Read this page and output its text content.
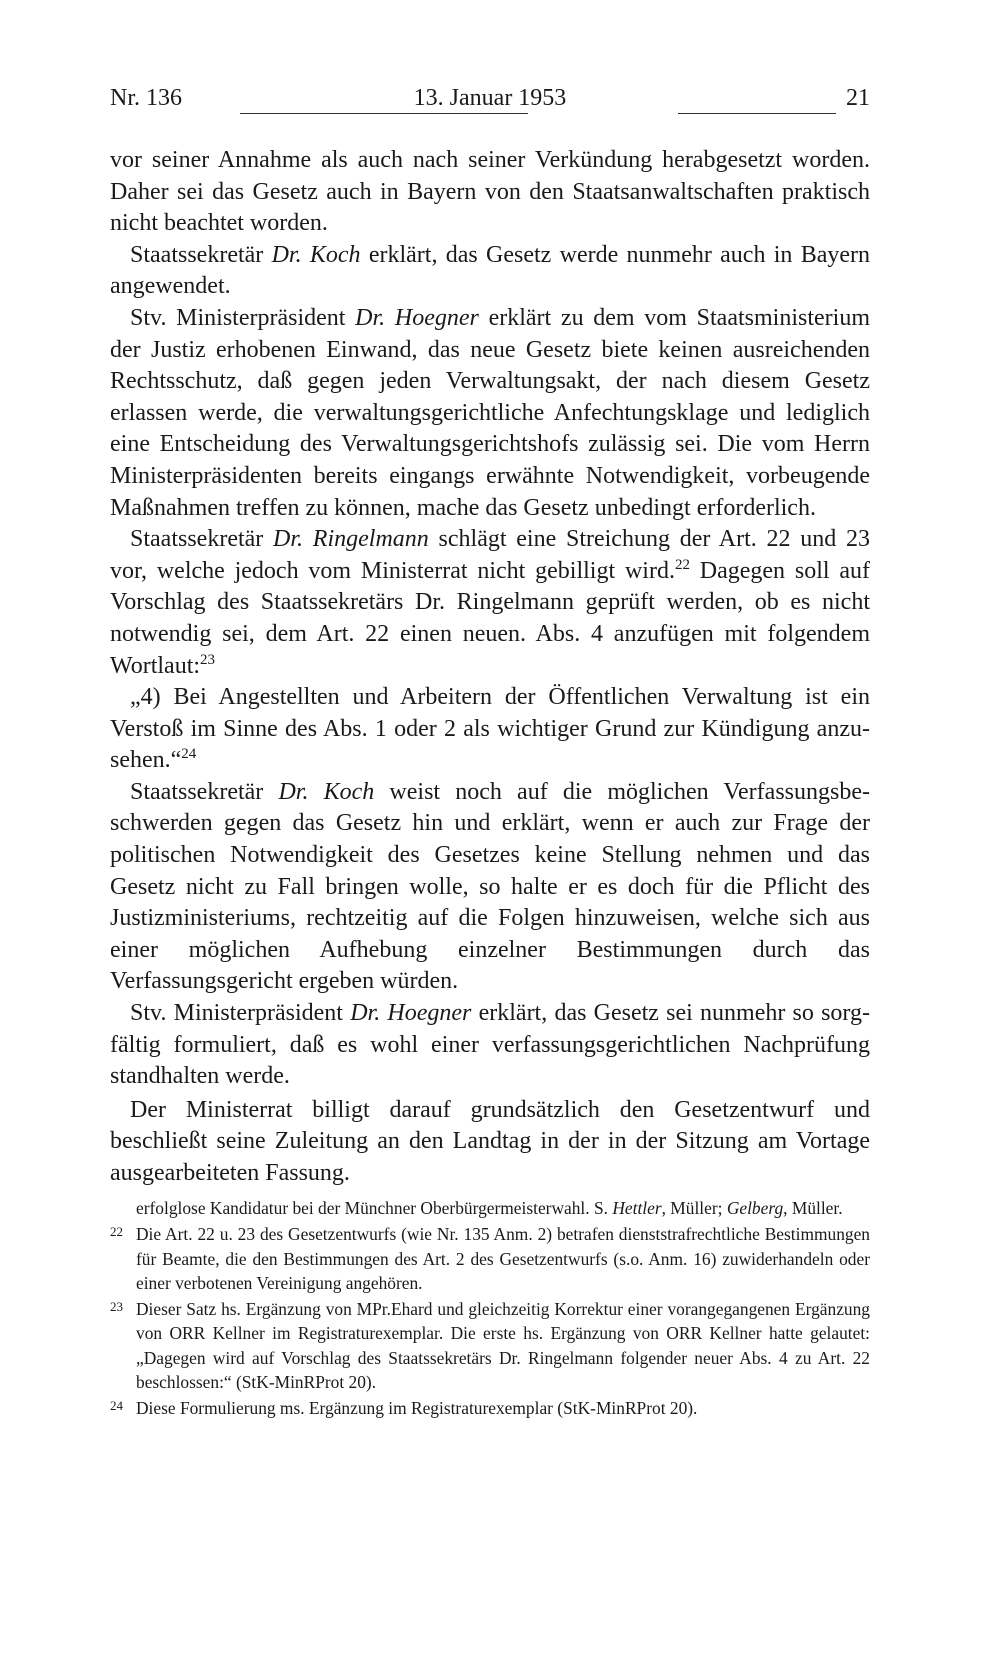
Nr. 136	13. Januar 1953	21

vor seiner Annahme als auch nach seiner Verkündung herabgesetzt worden. Daher sei das Gesetz auch in Bayern von den Staatsanwaltschaften praktisch nicht beachtet worden.

Staatssekretär Dr. Koch erklärt, das Gesetz werde nunmehr auch in Bayern angewendet.

Stv. Ministerpräsident Dr. Hoegner erklärt zu dem vom Staatsministerium der Justiz erhobenen Einwand, das neue Gesetz biete keinen ausreichenden Rechtsschutz, daß gegen jeden Verwaltungsakt, der nach diesem Gesetz erlassen werde, die verwaltungsgerichtliche Anfechtungsklage und lediglich eine Entscheidung des Verwaltungsgerichtshofs zulässig sei. Die vom Herrn Ministerpräsidenten bereits eingangs erwähnte Notwendigkeit, vorbeugende Maßnahmen treffen zu können, mache das Gesetz unbedingt erforderlich.

Staatssekretär Dr. Ringelmann schlägt eine Streichung der Art. 22 und 23 vor, welche jedoch vom Ministerrat nicht gebilligt wird.$^{22}$ Dagegen soll auf Vorschlag des Staatssekretärs Dr. Ringelmann geprüft werden, ob es nicht notwendig sei, dem Art. 22 einen neuen. Abs. 4 anzufügen mit folgendem Wortlaut:$^{23}$

„4) Bei Angestellten und Arbeitern der Öffentlichen Verwaltung ist ein Verstoß im Sinne des Abs. 1 oder 2 als wichtiger Grund zur Kündigung anzusehen.“$^{24}$

Staatssekretär Dr. Koch weist noch auf die möglichen Verfassungsbeschwerden gegen das Gesetz hin und erklärt, wenn er auch zur Frage der politischen Notwendigkeit des Gesetzes keine Stellung nehmen und das Gesetz nicht zu Fall bringen wolle, so halte er es doch für die Pflicht des Justizministeriums, rechtzeitig auf die Folgen hinzuweisen, welche sich aus einer möglichen Aufhebung einzelner Bestimmungen durch das Verfassungsgericht ergeben würden.

Stv. Ministerpräsident Dr. Hoegner erklärt, das Gesetz sei nunmehr so sorgfältig formuliert, daß es wohl einer verfassungsgerichtlichen Nachprüfung standhalten werde.

Der Ministerrat billigt darauf grundsätzlich den Gesetzentwurf und beschließt seine Zuleitung an den Landtag in der in der Sitzung am Vortage ausgearbeiteten Fassung.

erfolglose Kandidatur bei der Münchner Oberbürgermeisterwahl. S. Hettler, Müller; Gelberg, Müller.

22 Die Art. 22 u. 23 des Gesetzentwurfs (wie Nr. 135 Anm. 2) betrafen dienststrafrechtliche Bestimmungen für Beamte, die den Bestimmungen des Art. 2 des Gesetzentwurfs (s.o. Anm. 16) zuwiderhandeln oder einer verbotenen Vereinigung angehören.
23 Dieser Satz hs. Ergänzung von MPr.Ehard und gleichzeitig Korrektur einer vorangegangenen Ergänzung von ORR Kellner im Registraturexemplar. Die erste hs. Ergänzung von ORR Kellner hatte gelautet: „Dagegen wird auf Vorschlag des Staatssekretärs Dr. Ringelmann folgender neuer Abs. 4 zu Art. 22 beschlossen:“ (StK-MinRProt 20).
24 Diese Formulierung ms. Ergänzung im Registraturexemplar (StK-MinRProt 20).
